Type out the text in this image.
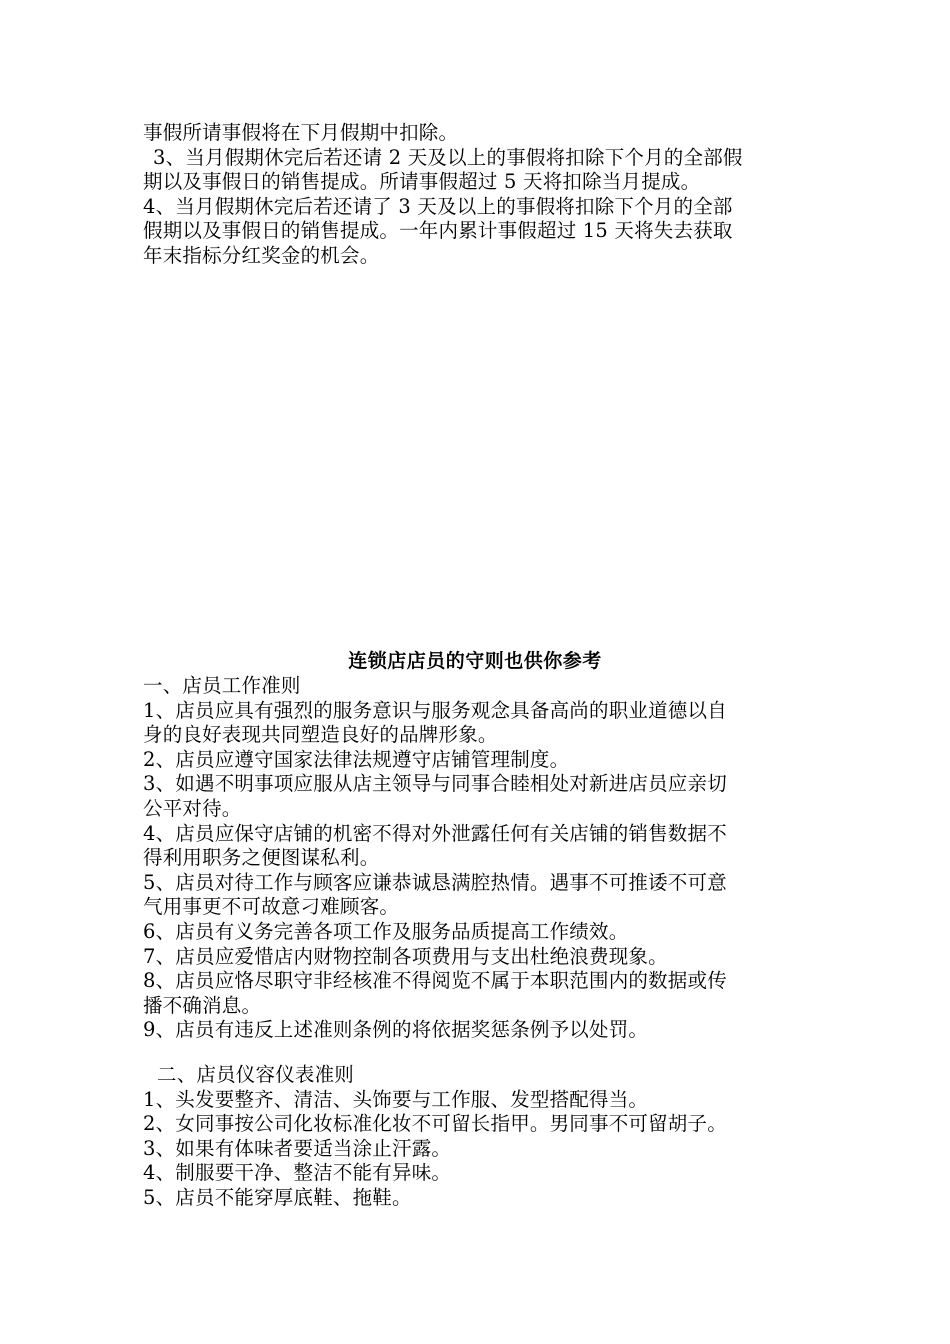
事假所请事假将在下月假期中扣除。
3、当月假期休完后若还请 2 天及以上的事假将扣除下个月的全部假
期以及事假日的销售提成。所请事假超过 5 天将扣除当月提成。
4、当月假期休完后若还请了 3 天及以上的事假将扣除下个月的全部
假期以及事假日的销售提成。一年内累计事假超过 15 天将失去获取
年末指标分红奖金的机会。
连锁店店员的守则也供你参考
一、店员工作准则
1、店员应具有强烈的服务意识与服务观念具备高尚的职业道德以自
身的良好表现共同塑造良好的品牌形象。
2、店员应遵守国家法律法规遵守店铺管理制度。
3、如遇不明事项应服从店主领导与同事合睦相处对新进店员应亲切
公平对待。
4、店员应保守店铺的机密不得对外泄露任何有关店铺的销售数据不
得利用职务之便图谋私利。
5、店员对待工作与顾客应谦恭诚恳满腔热情。遇事不可推诿不可意
气用事更不可故意刁难顾客。
6、店员有义务完善各项工作及服务品质提高工作绩效。
7、店员应爱惜店内财物控制各项费用与支出杜绝浪费现象。
8、店员应恪尽职守非经核准不得阅览不属于本职范围内的数据或传
播不确消息。
9、店员有违反上述准则条例的将依据奖惩条例予以处罚。
二、店员仪容仪表准则
1、头发要整齐、清洁、头饰要与工作服、发型搭配得当。
2、女同事按公司化妆标准化妆不可留长指甲。男同事不可留胡子。
3、如果有体味者要适当涂止汗露。
4、制服要干净、整洁不能有异味。
5、店员不能穿厚底鞋、拖鞋。
